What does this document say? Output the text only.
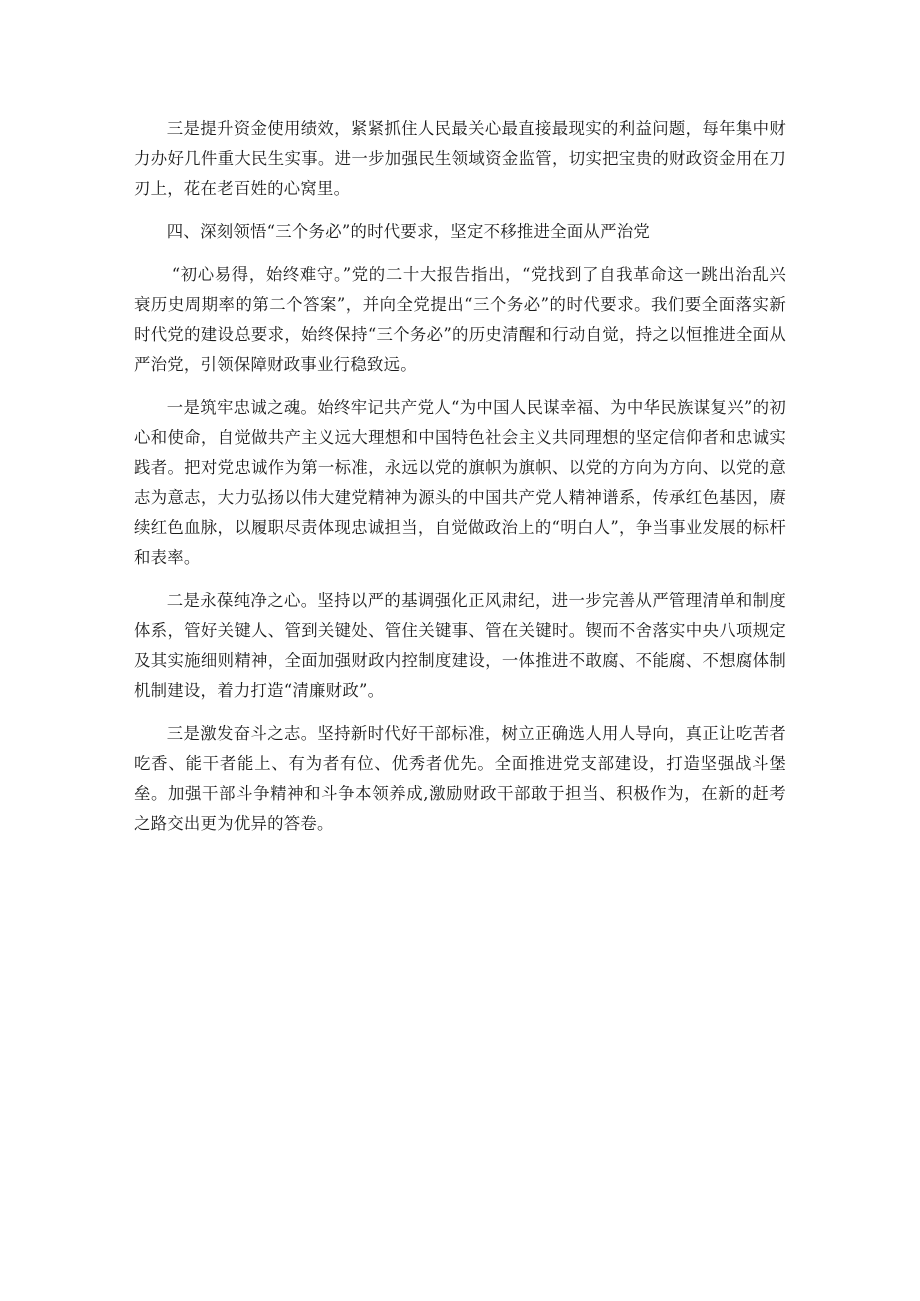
三是提升资金使用绩效，紧紧抓住人民最关心最直接最现实的利益问题，每年集中财力办好几件重大民生实事。进一步加强民生领域资金监管，切实把宝贵的财政资金用在刀刃上，花在老百姓的心窝里。

四、深刻领悟“三个务必”的时代要求，坚定不移推进全面从严治党

“初心易得，始终难守。”党的二十大报告指出，“党找到了自我革命这一跳出治乱兴衰历史周期率的第二个答案”，并向全党提出“三个务必”的时代要求。我们要全面落实新时代党的建设总要求，始终保持“三个务必”的历史清醒和行动自觉，持之以恒推进全面从严治党，引领保障财政事业行稳致远。

一是筑牢忠诚之魂。始终牢记共产党人“为中国人民谋幸福、为中华民族谋复兴”的初心和使命，自觉做共产主义远大理想和中国特色社会主义共同理想的坚定信仰者和忠诚实践者。把对党忠诚作为第一标准，永远以党的旗帜为旗帜、以党的方向为方向、以党的意志为意志，大力弘扬以伟大建党精神为源头的中国共产党人精神谱系，传承红色基因，赓续红色血脉，以履职尽责体现忠诚担当，自觉做政治上的“明白人”，争当事业发展的标杆和表率。

二是永葆纯净之心。坚持以严的基调强化正风肃纪，进一步完善从严管理清单和制度体系，管好关键人、管到关键处、管住关键事、管在关键时。锲而不舍落实中央八项规定及其实施细则精神，全面加强财政内控制度建设，一体推进不敢腐、不能腐、不想腐体制机制建设，着力打造“清廉财政”。

三是激发奋斗之志。坚持新时代好干部标准，树立正确选人用人导向，真正让吃苦者吃香、能干者能上、有为者有位、优秀者优先。全面推进党支部建设，打造坚强战斗堡垒。加强干部斗争精神和斗争本领养成,激励财政干部敢于担当、积极作为，在新的赶考之路交出更为优异的答卷。
